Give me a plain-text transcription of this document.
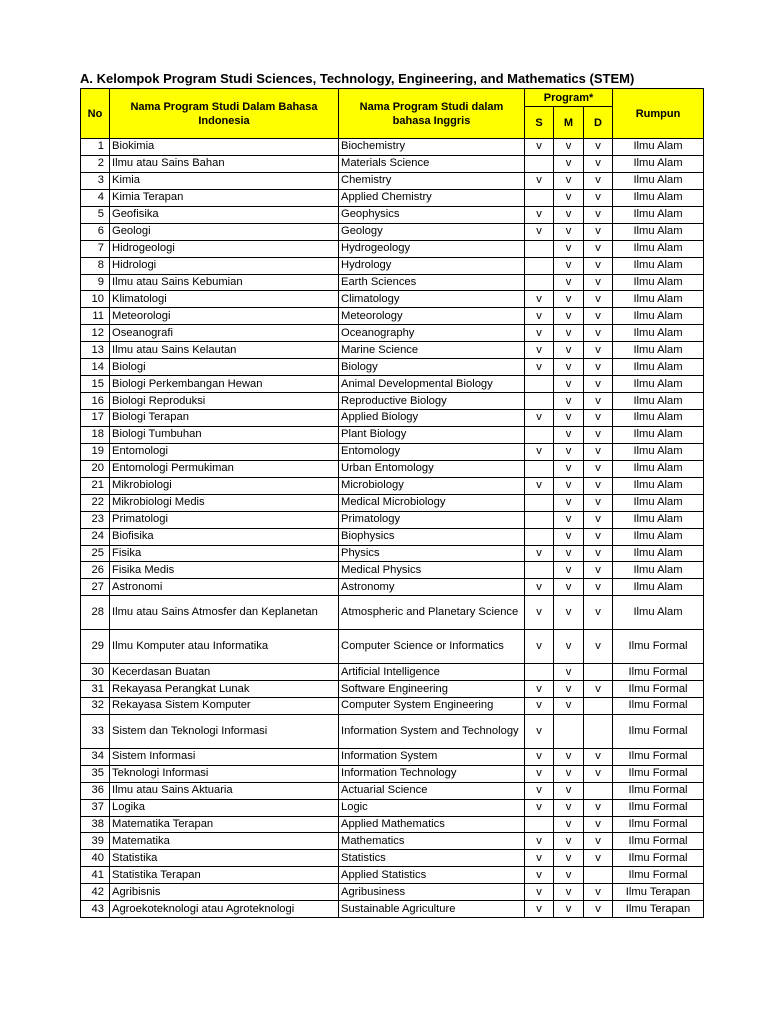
A. Kelompok Program Studi Sciences, Technology, Engineering, and Mathematics (STEM)
No	Nama Program Studi Dalam Bahasa Indonesia	Nama Program Studi dalam bahasa Inggris	Program*			Rumpun
			S	M	D	
1	Biokimia	Biochemistry	v	v	v	Ilmu Alam
2	Ilmu atau Sains Bahan	Materials Science		v	v	Ilmu Alam
3	Kimia	Chemistry	v	v	v	Ilmu Alam
4	Kimia Terapan	Applied Chemistry		v	v	Ilmu Alam
5	Geofisika	Geophysics	v	v	v	Ilmu Alam
6	Geologi	Geology	v	v	v	Ilmu Alam
7	Hidrogeologi	Hydrogeology		v	v	Ilmu Alam
8	Hidrologi	Hydrology		v	v	Ilmu Alam
9	Ilmu atau Sains Kebumian	Earth Sciences		v	v	Ilmu Alam
10	Klimatologi	Climatology	v	v	v	Ilmu Alam
11	Meteorologi	Meteorology	v	v	v	Ilmu Alam
12	Oseanografi	Oceanography	v	v	v	Ilmu Alam
13	Ilmu atau Sains Kelautan	Marine Science	v	v	v	Ilmu Alam
14	Biologi	Biology	v	v	v	Ilmu Alam
15	Biologi Perkembangan Hewan	Animal Developmental Biology		v	v	Ilmu Alam
16	Biologi Reproduksi	Reproductive Biology		v	v	Ilmu Alam
17	Biologi Terapan	Applied Biology	v	v	v	Ilmu Alam
18	Biologi Tumbuhan	Plant Biology		v	v	Ilmu Alam
19	Entomologi	Entomology	v	v	v	Ilmu Alam
20	Entomologi Permukiman	Urban Entomology		v	v	Ilmu Alam
21	Mikrobiologi	Microbiology	v	v	v	Ilmu Alam
22	Mikrobiologi Medis	Medical Microbiology		v	v	Ilmu Alam
23	Primatologi	Primatology		v	v	Ilmu Alam
24	Biofisika	Biophysics		v	v	Ilmu Alam
25	Fisika	Physics	v	v	v	Ilmu Alam
26	Fisika Medis	Medical Physics		v	v	Ilmu Alam
27	Astronomi	Astronomy	v	v	v	Ilmu Alam
28	Ilmu atau Sains Atmosfer dan Keplanetan	Atmospheric and Planetary Science	v	v	v	Ilmu Alam
29	Ilmu Komputer atau Informatika	Computer Science or Informatics	v	v	v	Ilmu Formal
30	Kecerdasan Buatan	Artificial Intelligence		v		Ilmu Formal
31	Rekayasa Perangkat Lunak	Software Engineering	v	v	v	Ilmu Formal
32	Rekayasa Sistem Komputer	Computer System Engineering	v	v		Ilmu Formal
33	Sistem dan Teknologi Informasi	Information System and Technology	v			Ilmu Formal
34	Sistem Informasi	Information System	v	v	v	Ilmu Formal
35	Teknologi Informasi	Information Technology	v	v	v	Ilmu Formal
36	Ilmu atau Sains Aktuaria	Actuarial Science	v	v		Ilmu Formal
37	Logika	Logic	v	v	v	Ilmu Formal
38	Matematika Terapan	Applied Mathematics		v	v	Ilmu Formal
39	Matematika	Mathematics	v	v	v	Ilmu Formal
40	Statistika	Statistics	v	v	v	Ilmu Formal
41	Statistika Terapan	Applied Statistics	v	v		Ilmu Formal
42	Agribisnis	Agribusiness	v	v	v	Ilmu Terapan
43	Agroekoteknologi atau Agroteknologi	Sustainable Agriculture	v	v	v	Ilmu Terapan
